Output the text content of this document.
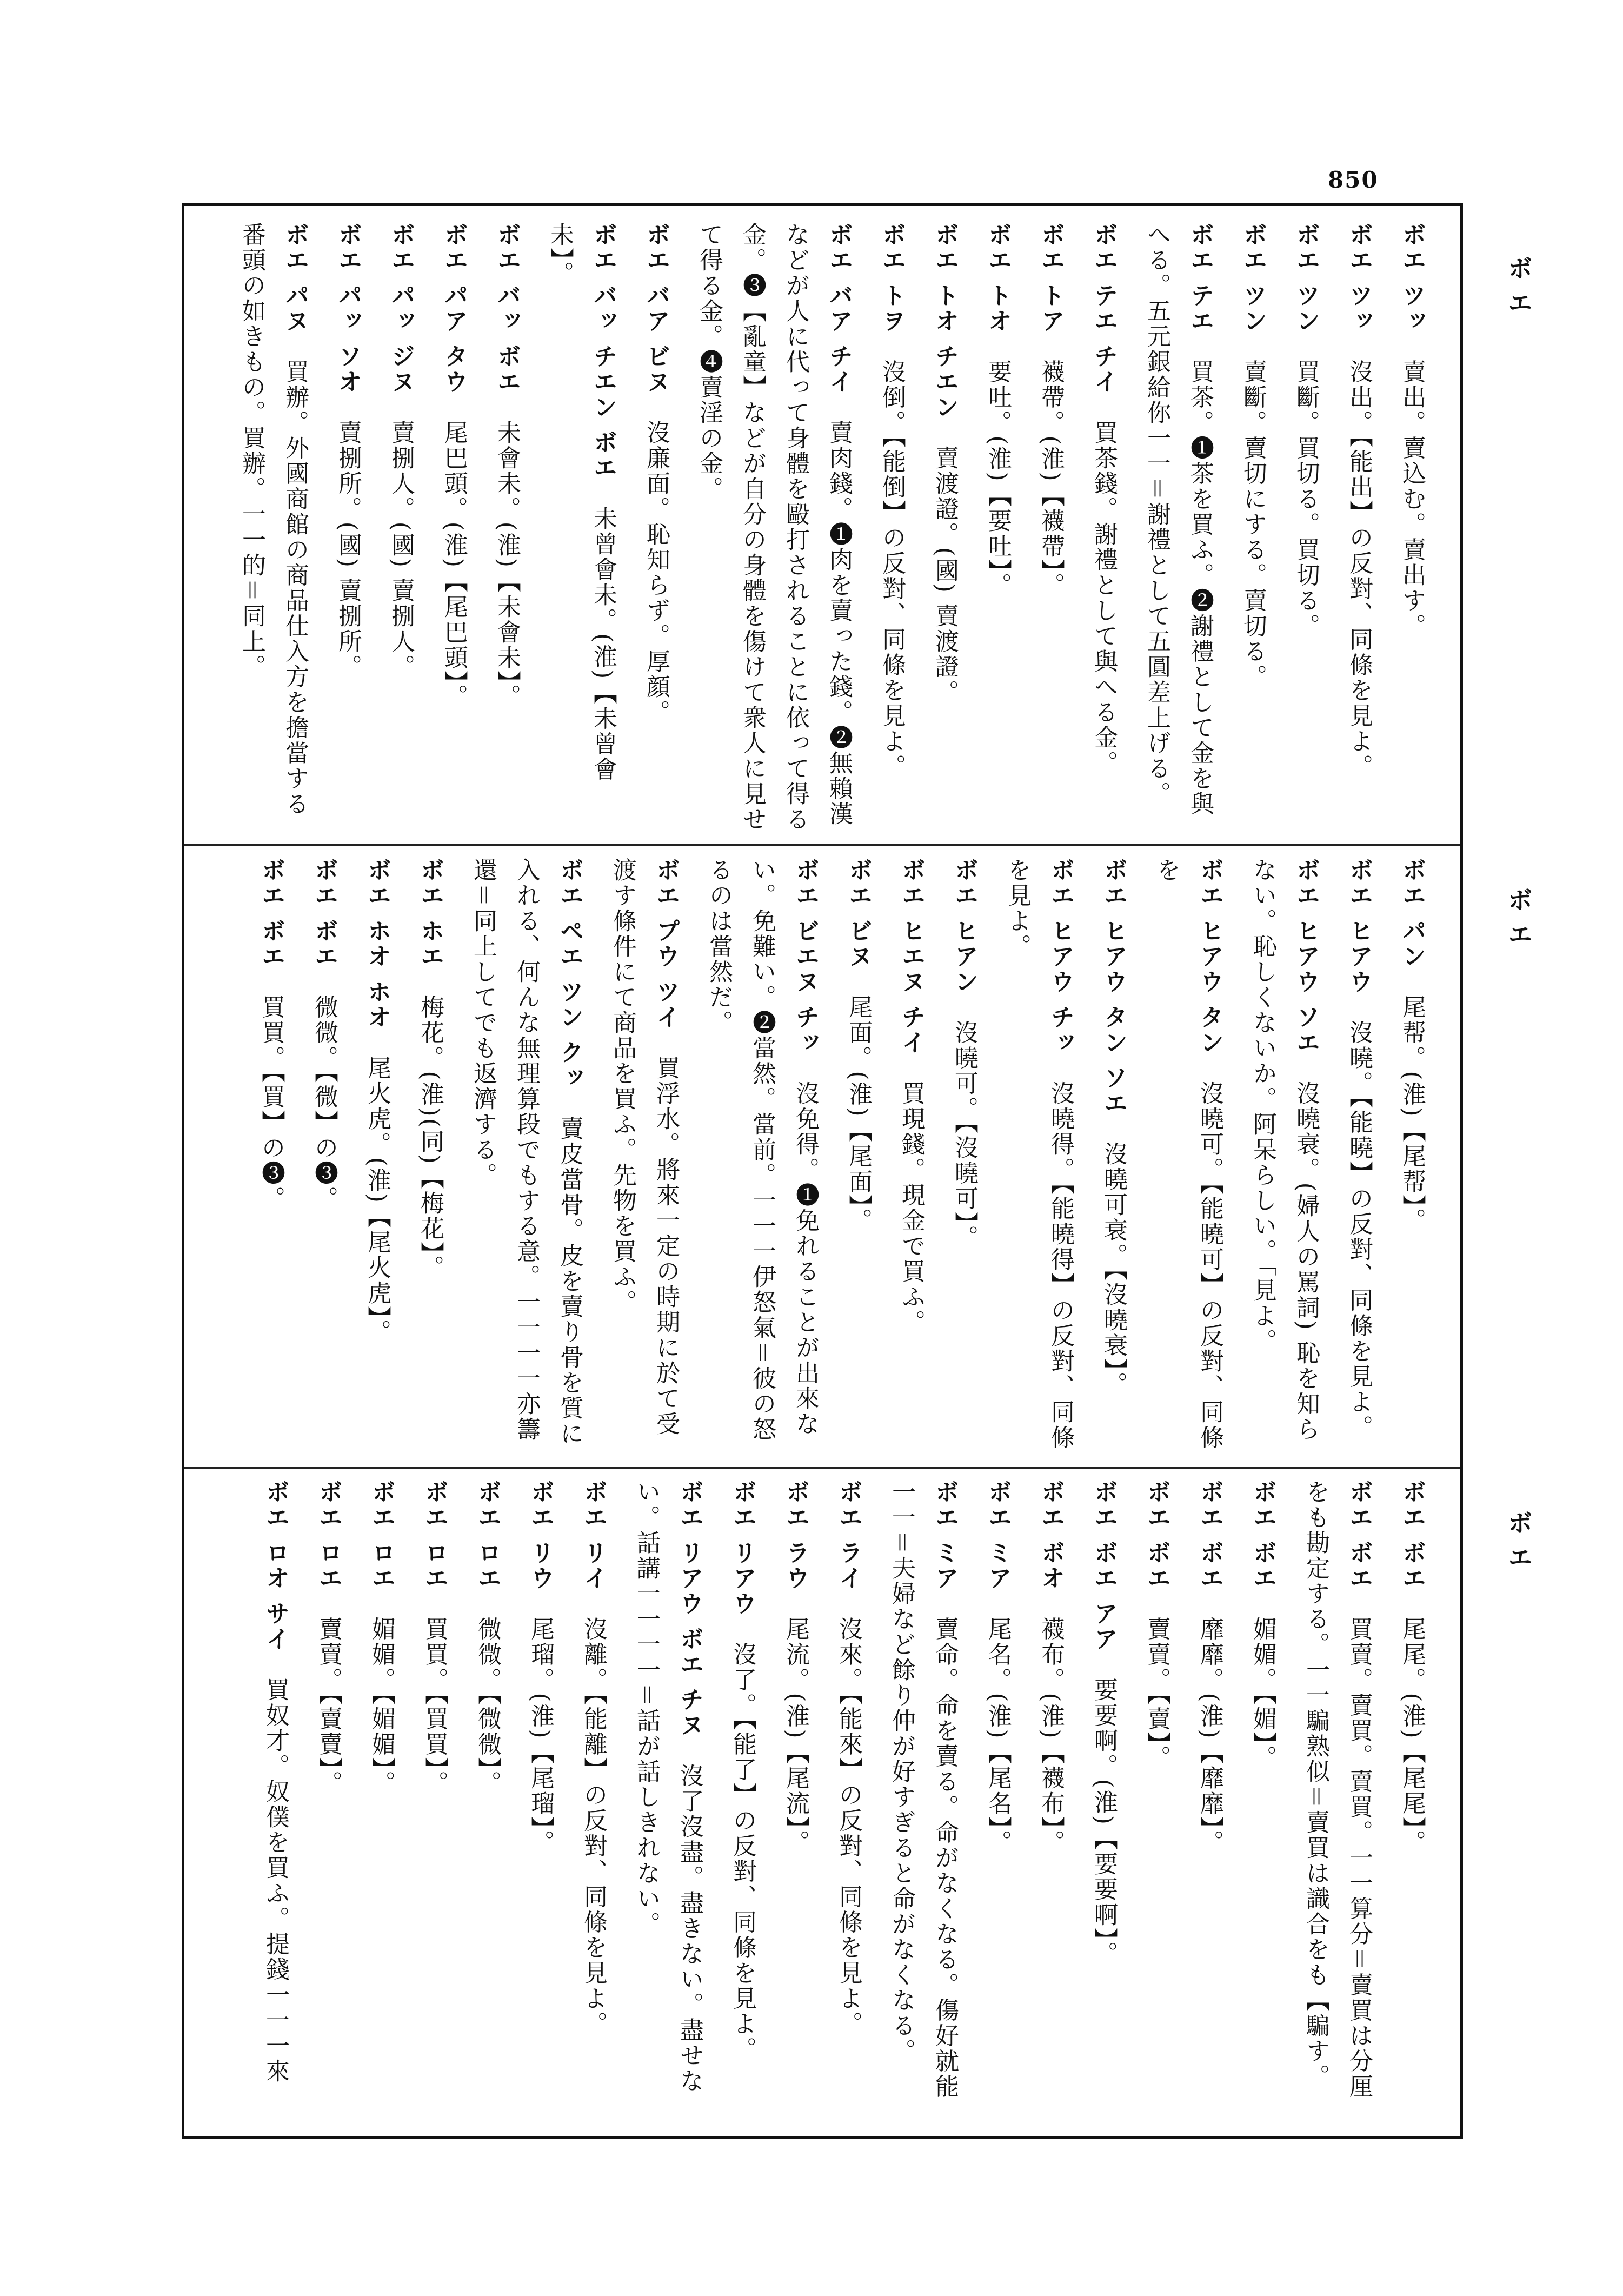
850
ボエ
ボエ
ボエ
ボエ ツッ　賣出。賣込む。賣出す。
ボエ ツッ　沒出。【能出】の反對、同條を見よ。
ボエ ツン　買斷。買切る。買切る。
ボエ ツン　賣斷。賣切にする。賣切る。
ボエ テエ　買茶。❶茶を買ふ。❷謝禮として金を與へる。五元銀給你一一＝謝禮として五圓差上げる。
ボエ テエ チイ　買茶錢。謝禮として與へる金。
ボエ トア　襪帶。(淮)【襪帶】。
ボエ トオ　要吐。(淮)【要吐】。
ボエ トオ チエン　賣渡證。(國) 賣渡證。
ボエ トヲ　沒倒。【能倒】の反對、同條を見よ。
ボエ バア チイ　賣肉錢。❶肉を賣った錢。❷無賴漢などが人に代って身體を毆打されることに依って得る金。❸【亂童】などが自分の身體を傷けて衆人に見せて得る金。❹賣淫の金。
ボエ バア ビヌ　沒廉面。恥知らず。厚顔。
ボエ バッ チエン ボエ　未曾會未。(淮)【未曾會未】。
ボエ バッ ボエ　未會未。(淮)【未會未】。
ボエ パア タウ　尾巴頭。(淮)【尾巴頭】。
ボエ パッ ジヌ　賣捌人。(國) 賣捌人。
ボエ パッ ソオ　賣捌所。(國) 賣捌所。
ボエ パヌ　買辦。外國商館の商品仕入方を擔當する番頭の如きもの。買辦。一一的＝同上。
ボエ パン　尾帮。(淮)【尾帮】。
ボエ ヒアウ　沒曉。【能曉】の反對、同條を見よ。
ボエ ヒアウ ソエ　沒曉衰。(婦人の罵詞) 恥を知らない。恥しくないか。阿呆らしい。「見よ。
ボエ ヒアウ タン　沒曉可。【能曉可】の反對、同條を
ボエ ヒアウ タン ソエ　沒曉可衰。【沒曉衰】。
ボエ ヒアウ チッ　沒曉得。【能曉得】の反對、同條を見よ。
ボエ ヒアン　沒曉可。【沒曉可】。
ボエ ヒエヌ チイ　買現錢。現金で買ふ。
ボエ ビヌ　尾面。(淮)【尾面】。
ボエ ビエヌ チッ　沒免得。❶免れることが出來ない。免難い。❷當然。當前。一一一伊怒氣＝彼の怒るのは當然だ。
ボエ プウ ツイ　買浮水。將來一定の時期に於て受渡す條件にて商品を買ふ。先物を買ふ。
ボエ ペエ ツン クッ　賣皮當骨。皮を賣り骨を質に入れる、何んな無理算段でもする意。一一一一亦籌還＝同上してでも返濟する。
ボエ ホエ　梅花。(淮)(同)【梅花】。
ボエ ホオ ホオ　尾火虎。(淮)【尾火虎】。
ボエ ボエ　微微。【微】の❸。
ボエ ボエ　買買。【買】の❸。
ボエ ボエ　尾尾。(淮)【尾尾】。
ボエ ボエ　買賣。賣買。賣買。一一算分＝賣買は分厘をも勘定する。一一騙熟似＝賣買は識合をも【騙す。
ボエ ボエ　媚媚。【媚】。
ボエ ボエ　靡靡。(淮)【靡靡】。
ボエ ボエ　賣賣。【賣】。
ボエ ボエ アア　要要啊。(淮)【要要啊】。
ボエ ボオ　襪布。(淮)【襪布】。
ボエ ミア　尾名。(淮)【尾名】。
ボエ ミア　賣命。命を賣る。命がなくなる。傷好就能一一＝夫婦など餘り仲が好すぎると命がなくなる。
ボエ ライ　沒來。【能來】の反對、同條を見よ。
ボエ ラウ　尾流。(淮)【尾流】。
ボエ リアウ　沒了。【能了】の反對、同條を見よ。
ボエ リアウ ボエ チヌ　沒了沒盡。盡きない。盡せない。話講一一一一＝話が話しきれない。
ボエ リイ　沒離。【能離】の反對、同條を見よ。
ボエ リウ　尾瑠。(淮)【尾瑠】。
ボエ ロエ　微微。【微微】。
ボエ ロエ　買買。【買買】。
ボエ ロエ　媚媚。【媚媚】。
ボエ ロエ　賣賣。【賣賣】。
ボエ ロオ サイ　買奴才。奴僕を買ふ。提錢一一一來
